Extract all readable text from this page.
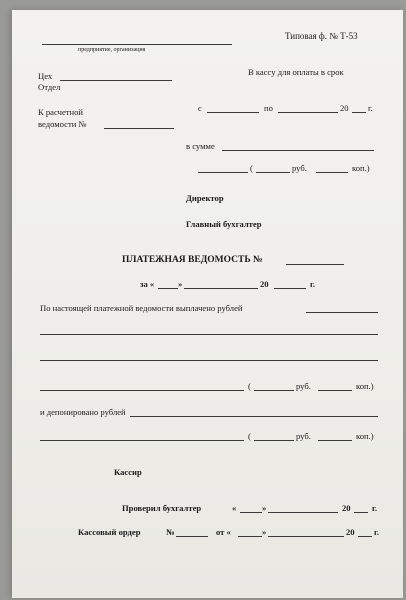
предприятие, организация
Типовая ф. № Т-53
Цех
Отдел
В кассу для оплаты в срок
К расчетной
ведомости №
с	по	20 г.
в сумме
(	руб.	коп.)
Директор
Главный бухгалтер
ПЛАТЕЖНАЯ ВЕДОМОСТЬ №
за «	»	20	г.
По настоящей платежной ведомости выплачено рублей
(	руб.	коп.)
и депонировано рублей
(	руб.	коп.)
Кассир
Проверил бухгалтер	«	»	20 г.
Кассовый ордер	№	от «	»	20 г.
